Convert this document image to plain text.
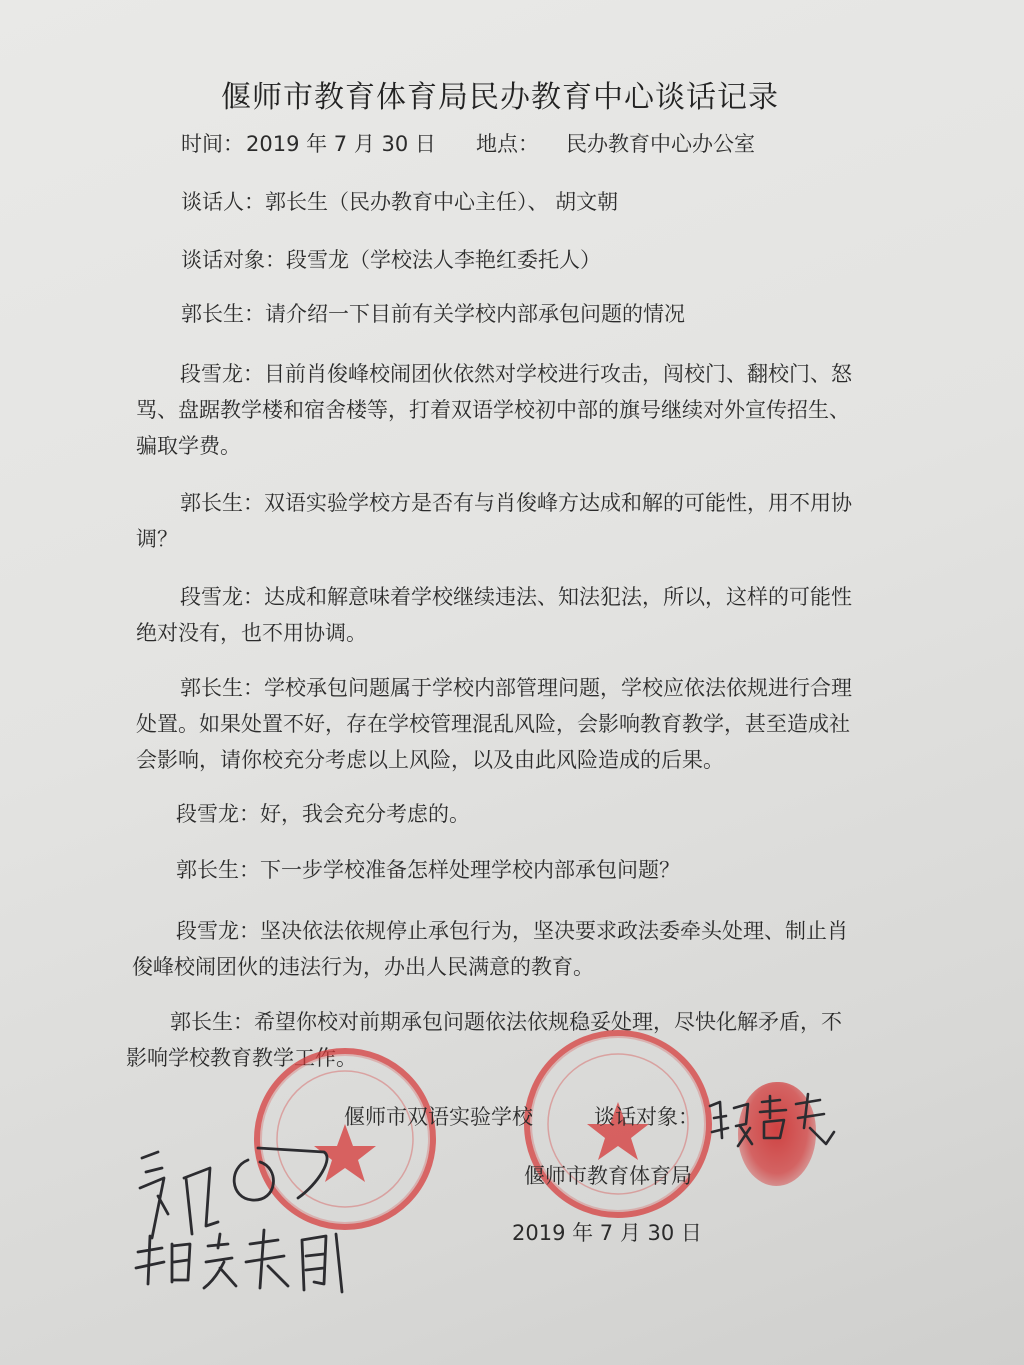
偃师市教育体育局民办教育中心谈话记录
时间： 2019 年 7 月 30 日 地点： 民办教育中心办公室
谈话人：郭长生（民办教育中心主任）、 胡文朝
谈话对象：段雪龙（学校法人李艳红委托人）
郭长生：请介绍一下目前有关学校内部承包问题的情况
段雪龙：目前肖俊峰校闹团伙依然对学校进行攻击，闯校门、翻校门、怒骂、盘踞教学楼和宿舍楼等，打着双语学校初中部的旗号继续对外宣传招生、骗取学费。
郭长生：双语实验学校方是否有与肖俊峰方达成和解的可能性，用不用协调？
段雪龙：达成和解意味着学校继续违法、知法犯法，所以，这样的可能性绝对没有，也不用协调。
郭长生：学校承包问题属于学校内部管理问题，学校应依法依规进行合理处置。如果处置不好，存在学校管理混乱风险，会影响教育教学，甚至造成社会影响，请你校充分考虑以上风险，以及由此风险造成的后果。
段雪龙：好，我会充分考虑的。
郭长生：下一步学校准备怎样处理学校内部承包问题？
段雪龙：坚决依法依规停止承包行为，坚决要求政法委牵头处理、制止肖俊峰校闹团伙的违法行为，办出人民满意的教育。
郭长生：希望你校对前期承包问题依法依规稳妥处理，尽快化解矛盾，不影响学校教育教学工作。
偃师市双语实验学校	谈话对象：
偃师市教育体育局
2019 年 7 月 30 日
